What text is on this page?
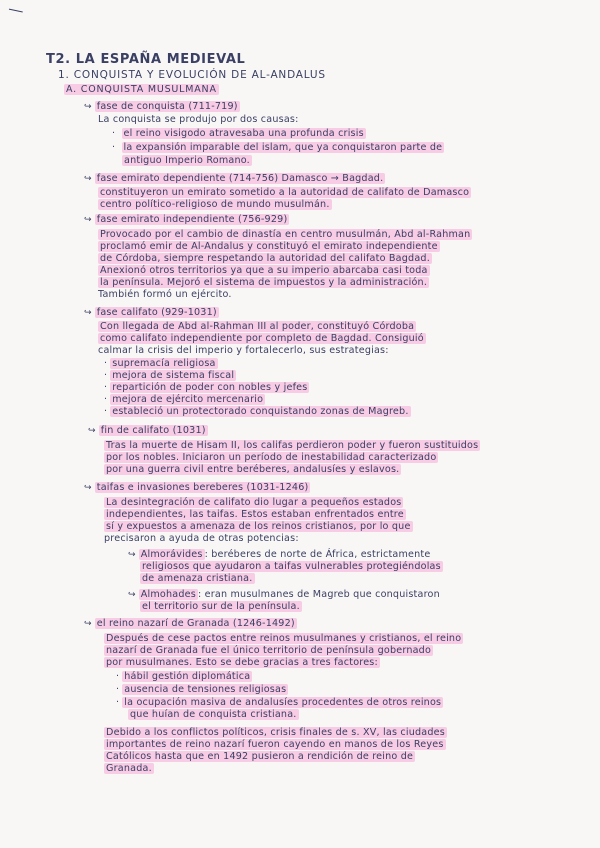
T2. LA ESPAÑA MEDIEVAL
1. CONQUISTA Y EVOLUCIÓN DE AL-ANDALUS
A. CONQUISTA MUSULMANA
↪ fase de conquista (711-719)
La conquista se produjo por dos causas:
· el reino visigodo atravesaba una profunda crisis
· la expansión imparable del islam, que ya conquistaron parte de
antiguo Imperio Romano.
↪ fase emirato dependiente (714-756) Damasco → Bagdad.
constituyeron un emirato sometido a la autoridad de califato de Damasco
centro político-religioso de mundo musulmán.
↪ fase emirato independiente (756-929)
Provocado por el cambio de dinastía en centro musulmán, Abd al-Rahman
proclamó emir de Al-Andalus y constituyó el emirato independiente
de Córdoba, siempre respetando la autoridad del califato Bagdad.
Anexionó otros territorios ya que a su imperio abarcaba casi toda
la península. Mejoró el sistema de impuestos y la administración.
También formó un ejército.
↪ fase califato (929-1031)
Con llegada de Abd al-Rahman III al poder, constituyó Córdoba
como califato independiente por completo de Bagdad. Consiguió
calmar la crisis del imperio y fortalecerlo, sus estrategias:
· supremacía religiosa
· mejora de sistema fiscal
· repartición de poder con nobles y jefes
· mejora de ejército mercenario
· estableció un protectorado conquistando zonas de Magreb.
↪ fin de califato (1031)
Tras la muerte de Hisam II, los califas perdieron poder y fueron sustituidos
por los nobles. Iniciaron un período de inestabilidad caracterizado
por una guerra civil entre beréberes, andalusíes y eslavos.
↪ taifas e invasiones bereberes (1031-1246)
La desintegración de califato dio lugar a pequeños estados
independientes, las taifas. Estos estaban enfrentados entre
sí y expuestos a amenaza de los reinos cristianos, por lo que
precisaron a ayuda de otras potencias:
↪ Almorávides : beréberes de norte de África, estrictamente
religiosos que ayudaron a taifas vulnerables protegiéndolas
de amenaza cristiana.
↪ Almohades : eran musulmanes de Magreb que conquistaron
el territorio sur de la península.
↪ el reino nazarí de Granada (1246-1492)
Después de cese pactos entre reinos musulmanes y cristianos, el reino
nazarí de Granada fue el único territorio de península gobernado
por musulmanes. Esto se debe gracias a tres factores:
· hábil gestión diplomática
· ausencia de tensiones religiosas
· la ocupación masiva de andalusíes procedentes de otros reinos
que huían de conquista cristiana.
Debido a los conflictos políticos, crisis finales de s. XV, las ciudades
importantes de reino nazarí fueron cayendo en manos de los Reyes
Católicos hasta que en 1492 pusieron a rendición de reino de
Granada.
